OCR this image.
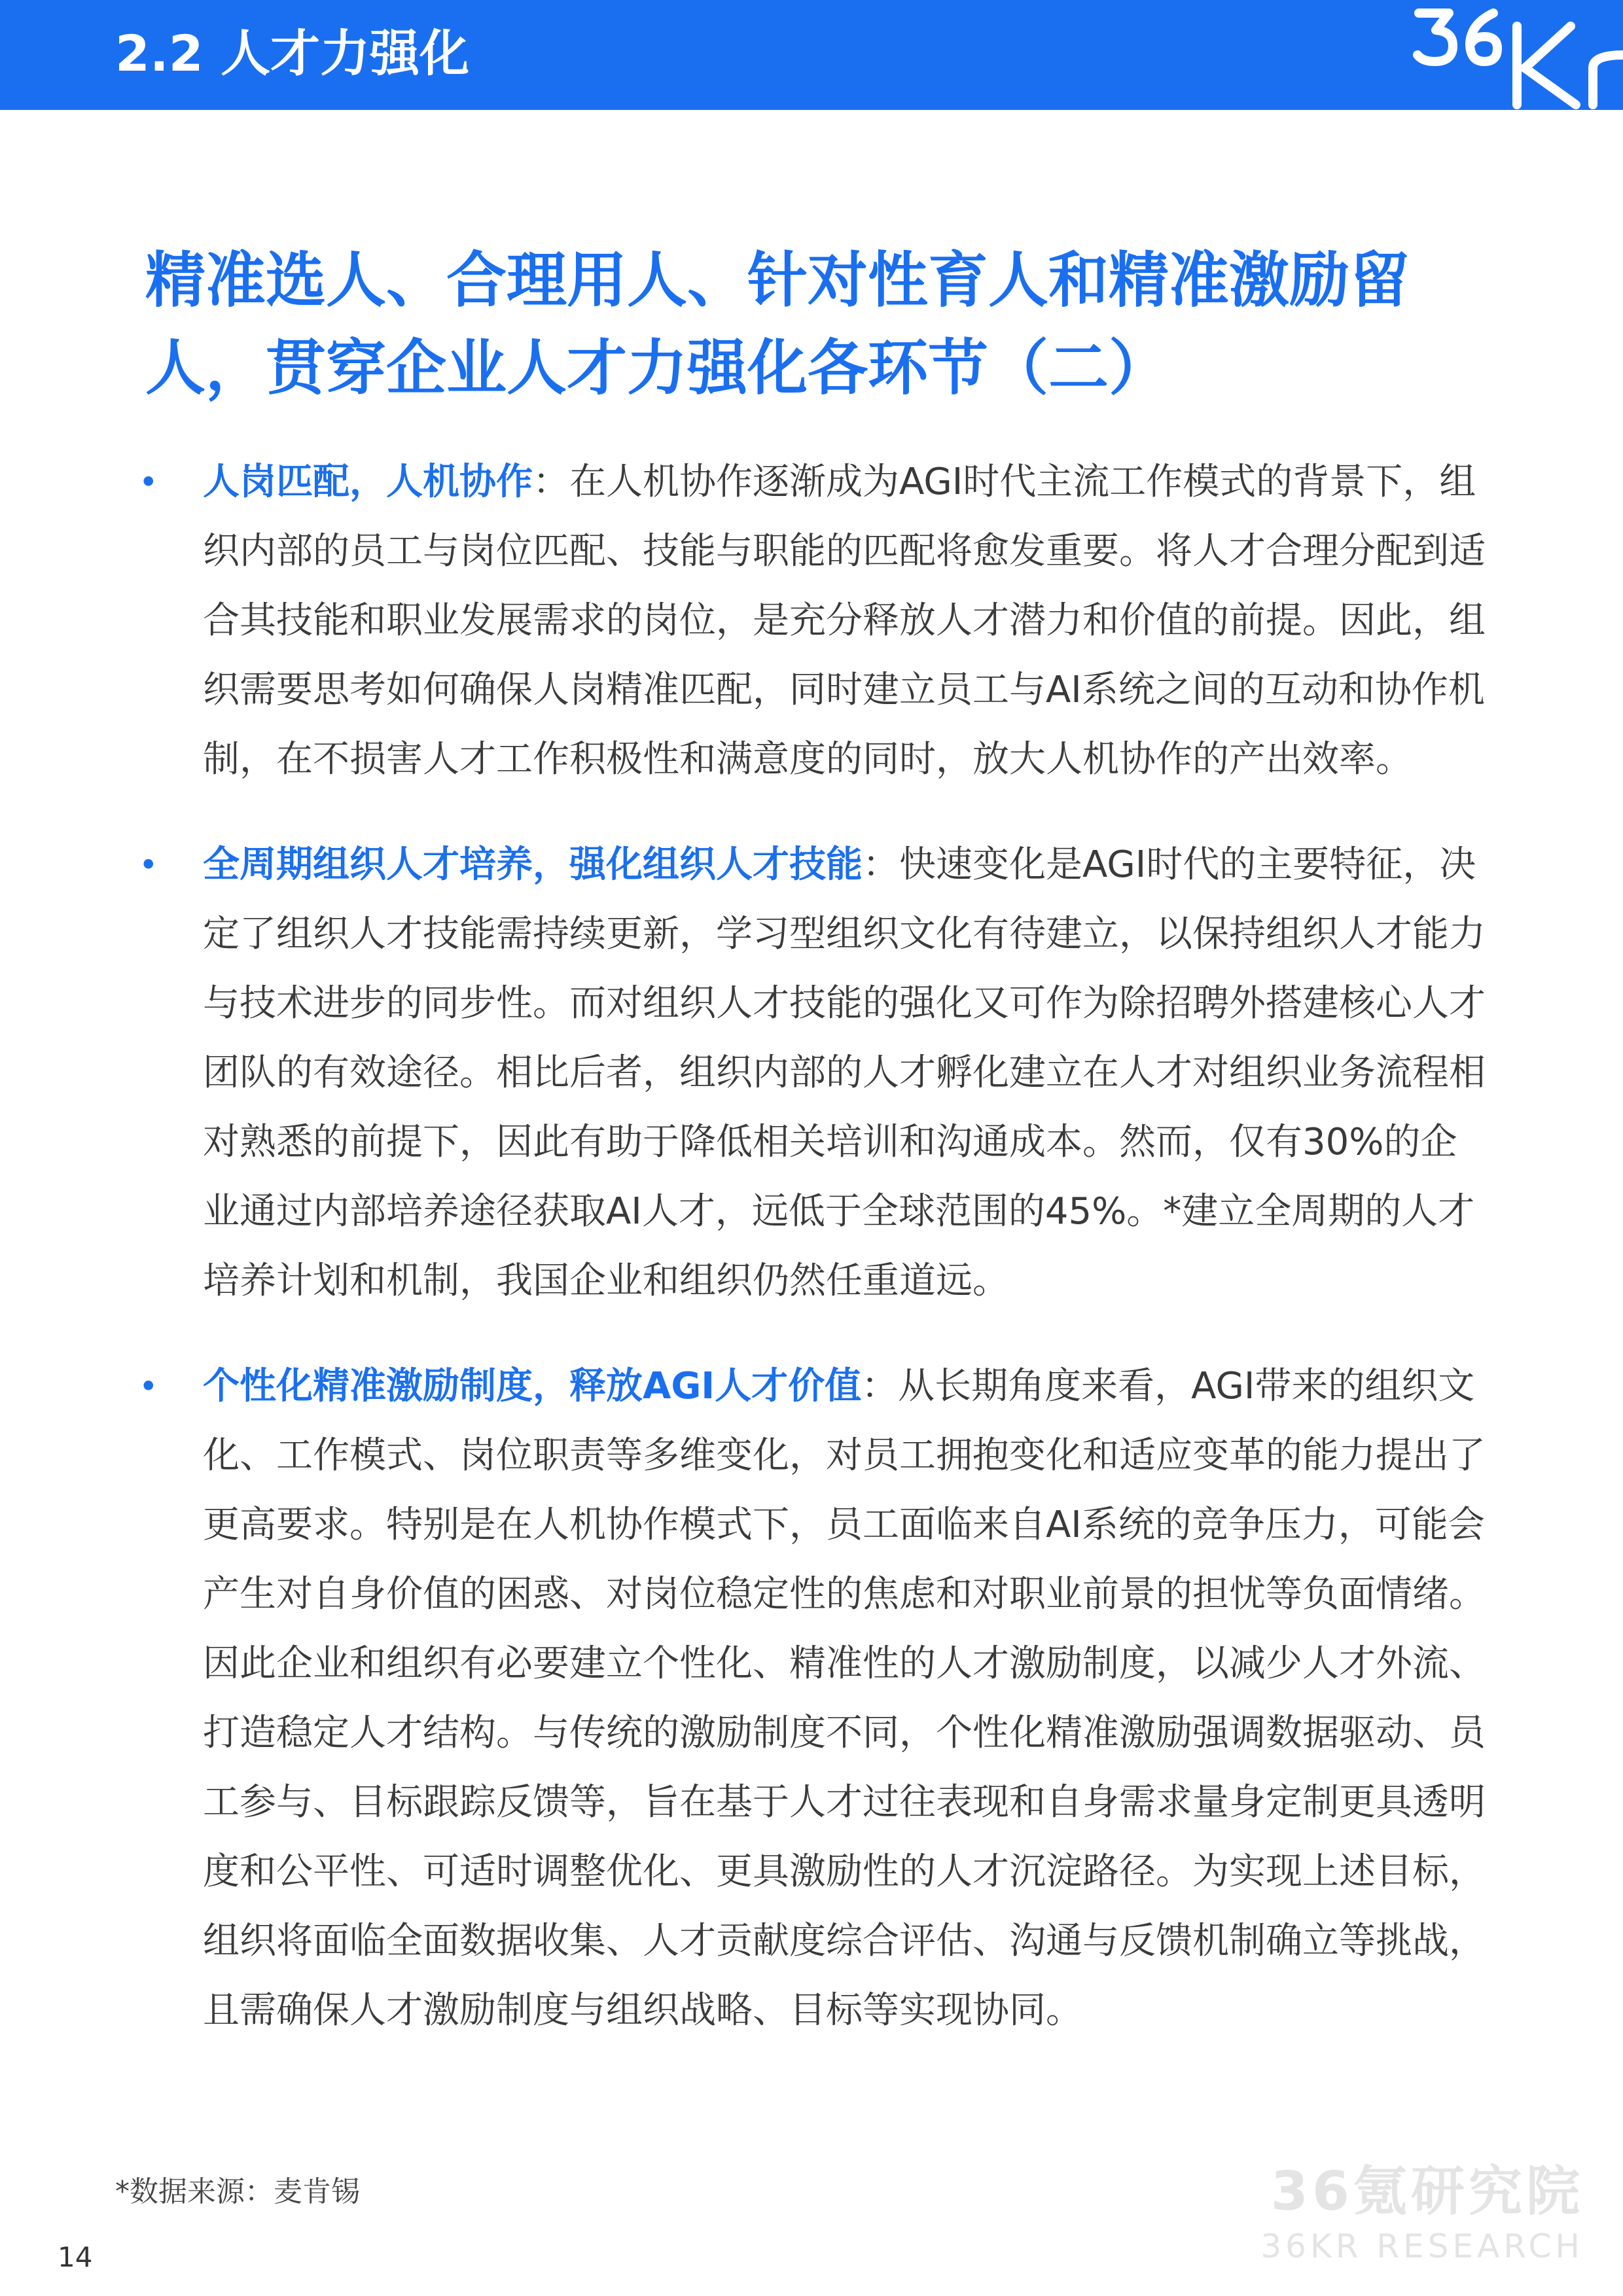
2.2 人才力强化
精准选人、合理用人、针对性育人和精准激励留人，贯穿企业人才力强化各环节（二）
• 人岗匹配，人机协作：在人机协作逐渐成为AGI时代主流工作模式的背景下，组织内部的员工与岗位匹配、技能与职能的匹配将愈发重要。将人才合理分配到适合其技能和职业发展需求的岗位，是充分释放人才潜力和价值的前提。因此，组织需要思考如何确保人岗精准匹配，同时建立员工与AI系统之间的互动和协作机制，在不损害人才工作积极性和满意度的同时，放大人机协作的产出效率。
• 全周期组织人才培养，强化组织人才技能：快速变化是AGI时代的主要特征，决定了组织人才技能需持续更新，学习型组织文化有待建立，以保持组织人才能力与技术进步的同步性。而对组织人才技能的强化又可作为除招聘外搭建核心人才团队的有效途径。相比后者，组织内部的人才孵化建立在人才对组织业务流程相对熟悉的前提下，因此有助于降低相关培训和沟通成本。然而，仅有30%的企业通过内部培养途径获取AI人才，远低于全球范围的45%。*建立全周期的人才培养计划和机制，我国企业和组织仍然任重道远。
• 个性化精准激励制度，释放AGI人才价值：从长期角度来看，AGI带来的组织文化、工作模式、岗位职责等多维变化，对员工拥抱变化和适应变革的能力提出了更高要求。特别是在人机协作模式下，员工面临来自AI系统的竞争压力，可能会产生对自身价值的困惑、对岗位稳定性的焦虑和对职业前景的担忧等负面情绪。因此企业和组织有必要建立个性化、精准性的人才激励制度，以减少人才外流、打造稳定人才结构。与传统的激励制度不同，个性化精准激励强调数据驱动、员工参与、目标跟踪反馈等，旨在基于人才过往表现和自身需求量身定制更具透明度和公平性、可适时调整优化、更具激励性的人才沉淀路径。为实现上述目标，组织将面临全面数据收集、人才贡献度综合评估、沟通与反馈机制确立等挑战，且需确保人才激励制度与组织战略、目标等实现协同。
*数据来源：麦肯锡
14
36氪研究院
36KR RESEARCH
